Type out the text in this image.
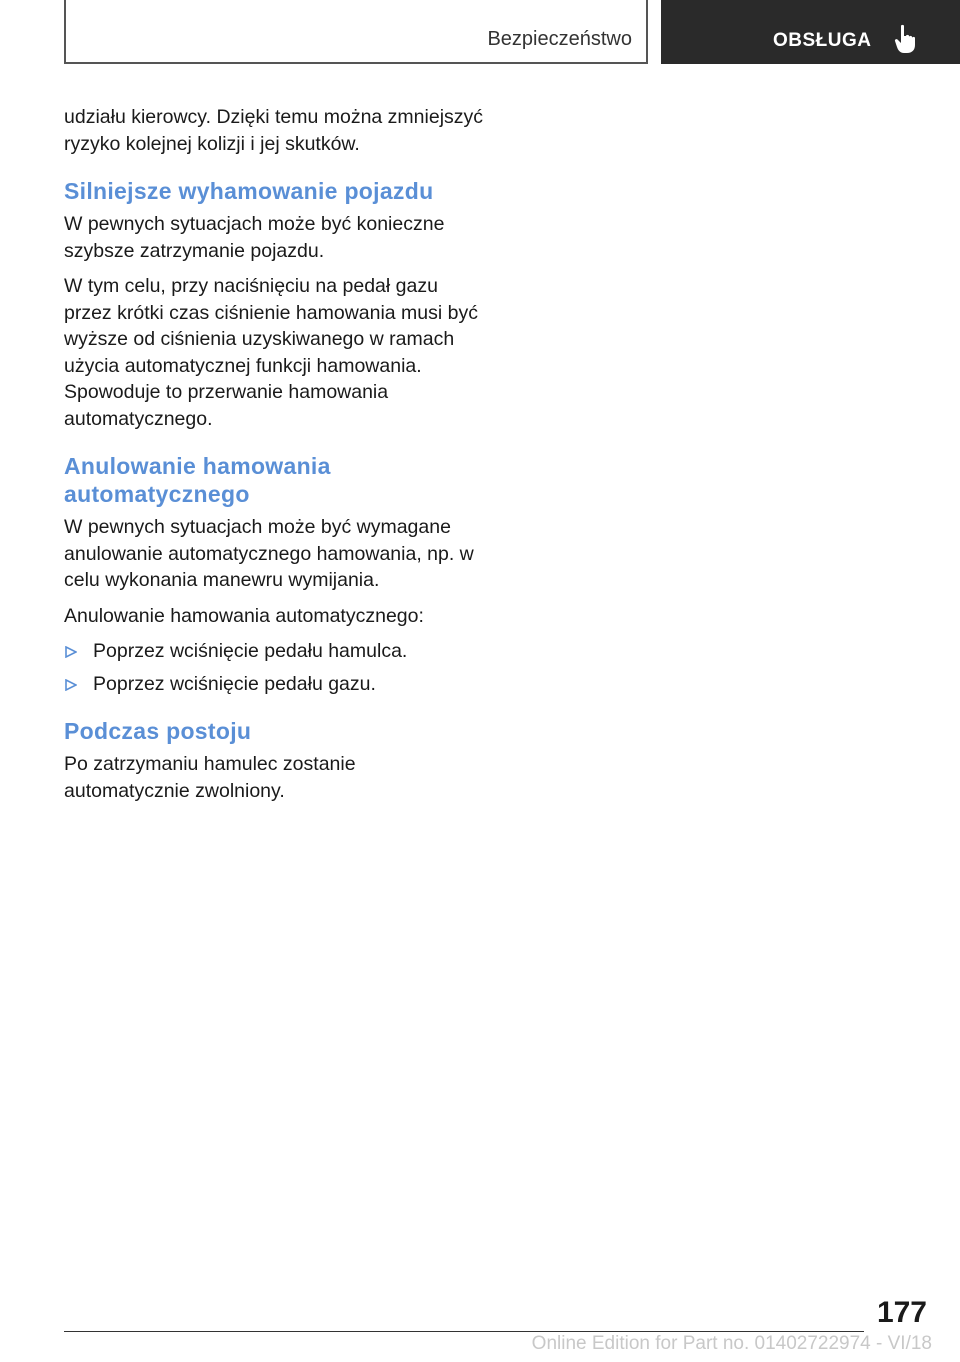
Bezpieczeństwo	OBSŁUGA

udziału kierowcy. Dzięki temu można zmniejszyć ryzyko kolejnej kolizji i jej skutków.

Silniejsze wyhamowanie pojazdu

W pewnych sytuacjach może być konieczne szybsze zatrzymanie pojazdu.

W tym celu, przy naciśnięciu na pedał gazu przez krótki czas ciśnienie hamowania musi być wyższe od ciśnienia uzyskiwanego w ramach użycia automatycznej funkcji hamowania. Spowoduje to przerwanie hamowania automatycznego.

Anulowanie hamowania automatycznego

W pewnych sytuacjach może być wymagane anulowanie automatycznego hamowania, np. w celu wykonania manewru wymijania.

Anulowanie hamowania automatycznego:

Poprzez wciśnięcie pedału hamulca.
Poprzez wciśnięcie pedału gazu.
Podczas postoju

Po zatrzymaniu hamulec zostanie automatycznie zwolniony.

177
Online Edition for Part no. 01402722974 - VI/18
